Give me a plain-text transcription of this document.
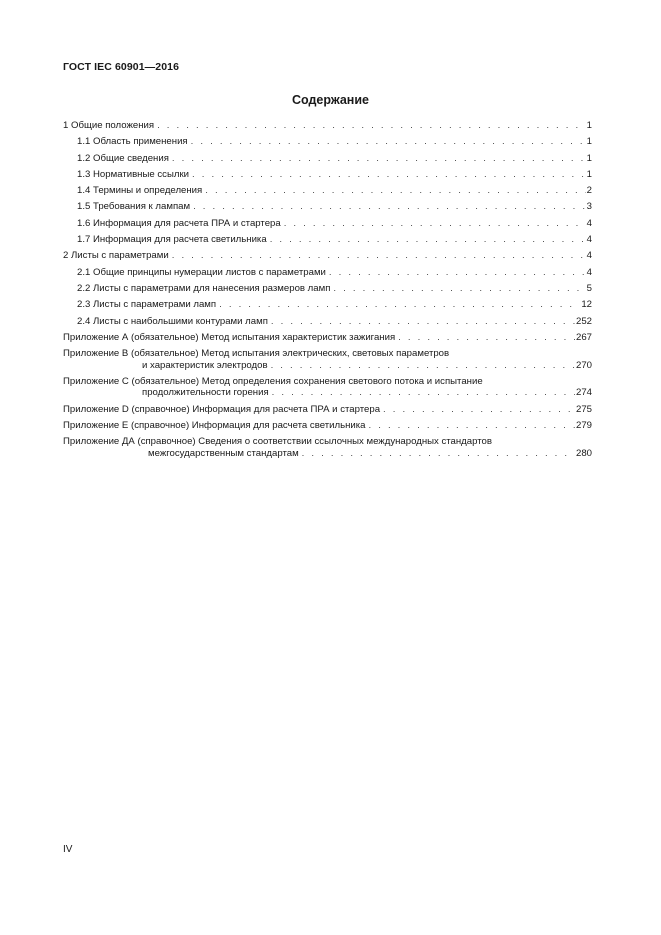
ГОСТ IEC 60901—2016
Содержание
1 Общие положения . . .	1
1.1 Область применения . . .	1
1.2 Общие сведения . . .	1
1.3 Нормативные ссылки . . .	1
1.4 Термины и определения . . .	2
1.5 Требования к лампам . . .	3
1.6 Информация для расчета ПРА и стартера . . .	4
1.7 Информация для расчета светильника . . .	4
2 Листы с параметрами . . .	4
2.1 Общие принципы нумерации листов с параметрами . . .	4
2.2 Листы с параметрами для нанесения размеров ламп . . .	5
2.3 Листы с параметрами ламп . . .	12
2.4 Листы с наибольшими контурами ламп . . .	252
Приложение А (обязательное) Метод испытания характеристик зажигания . . .	267
Приложение В (обязательное) Метод испытания электрических, световых параметров
и характеристик электродов . . .	270
Приложение С (обязательное) Метод определения сохранения светового потока и испытание
продолжительности горения . . .	274
Приложение D (справочное) Информация для расчета ПРА и стартера . . .	275
Приложение Е (справочное) Информация для расчета светильника . . .	279
Приложение ДА (справочное) Сведения о соответствии ссылочных международных стандартов
межгосударственным стандартам . . .	280
IV
